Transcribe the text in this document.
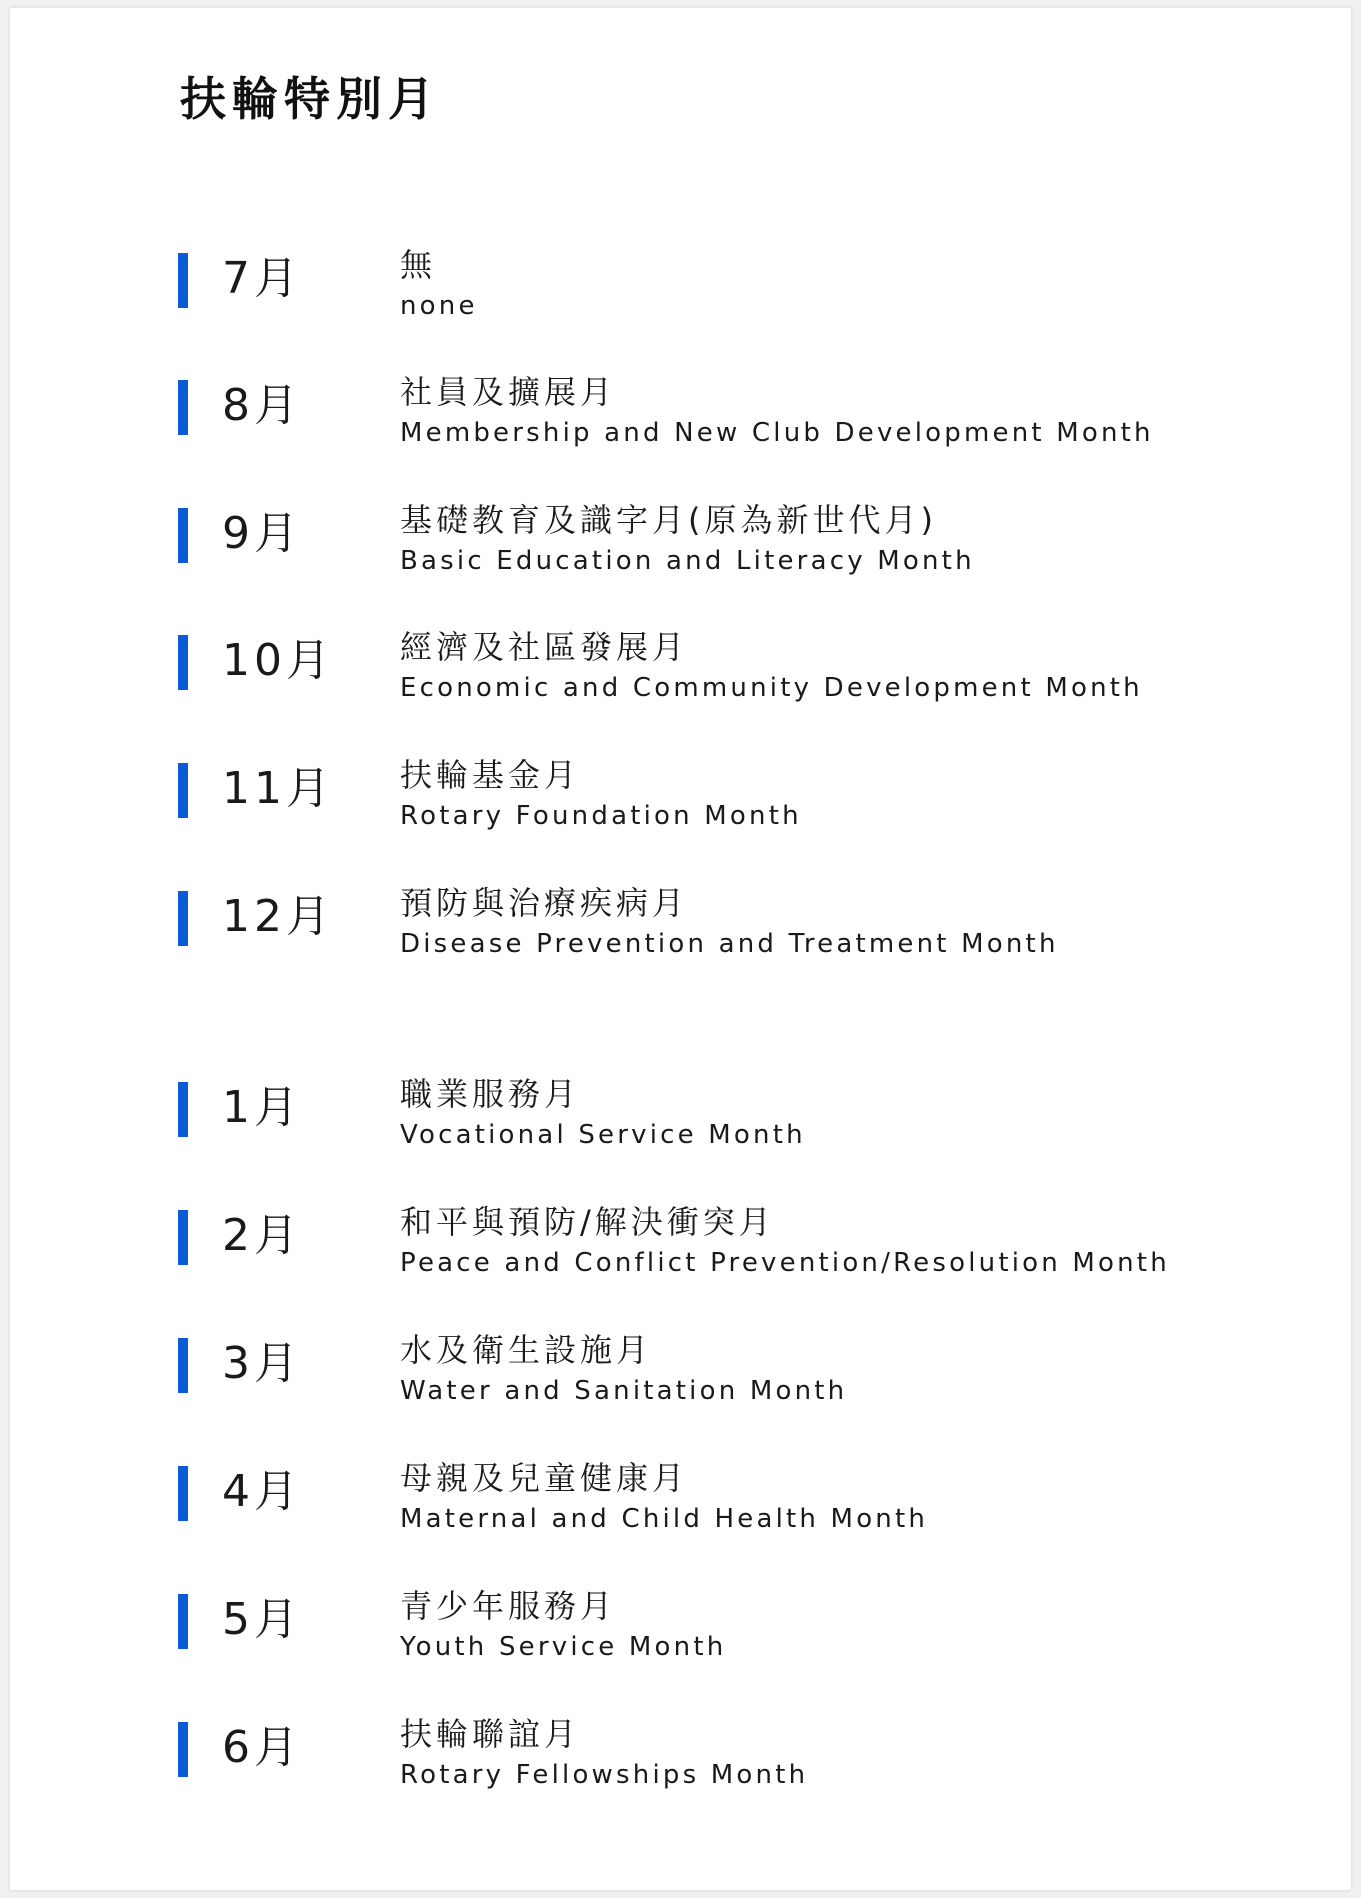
扶輪特別月
7月	無
none
8月	社員及擴展月
Membership and New Club Development Month
9月	基礎教育及識字月(原為新世代月)
Basic Education and Literacy Month
10月 經濟及社區發展月
Economic and Community Development Month
11月 扶輪基金月
Rotary Foundation Month
12月 預防與治療疾病月
Disease Prevention and Treatment Month
1月	職業服務月
Vocational Service Month
2月	和平與預防/解決衝突月
Peace and Conflict Prevention/Resolution Month
3月	水及衛生設施月
Water and Sanitation Month
4月	母親及兒童健康月
Maternal and Child Health Month
5月	青少年服務月
Youth Service Month
6月	扶輪聯誼月
Rotary Fellowships Month
